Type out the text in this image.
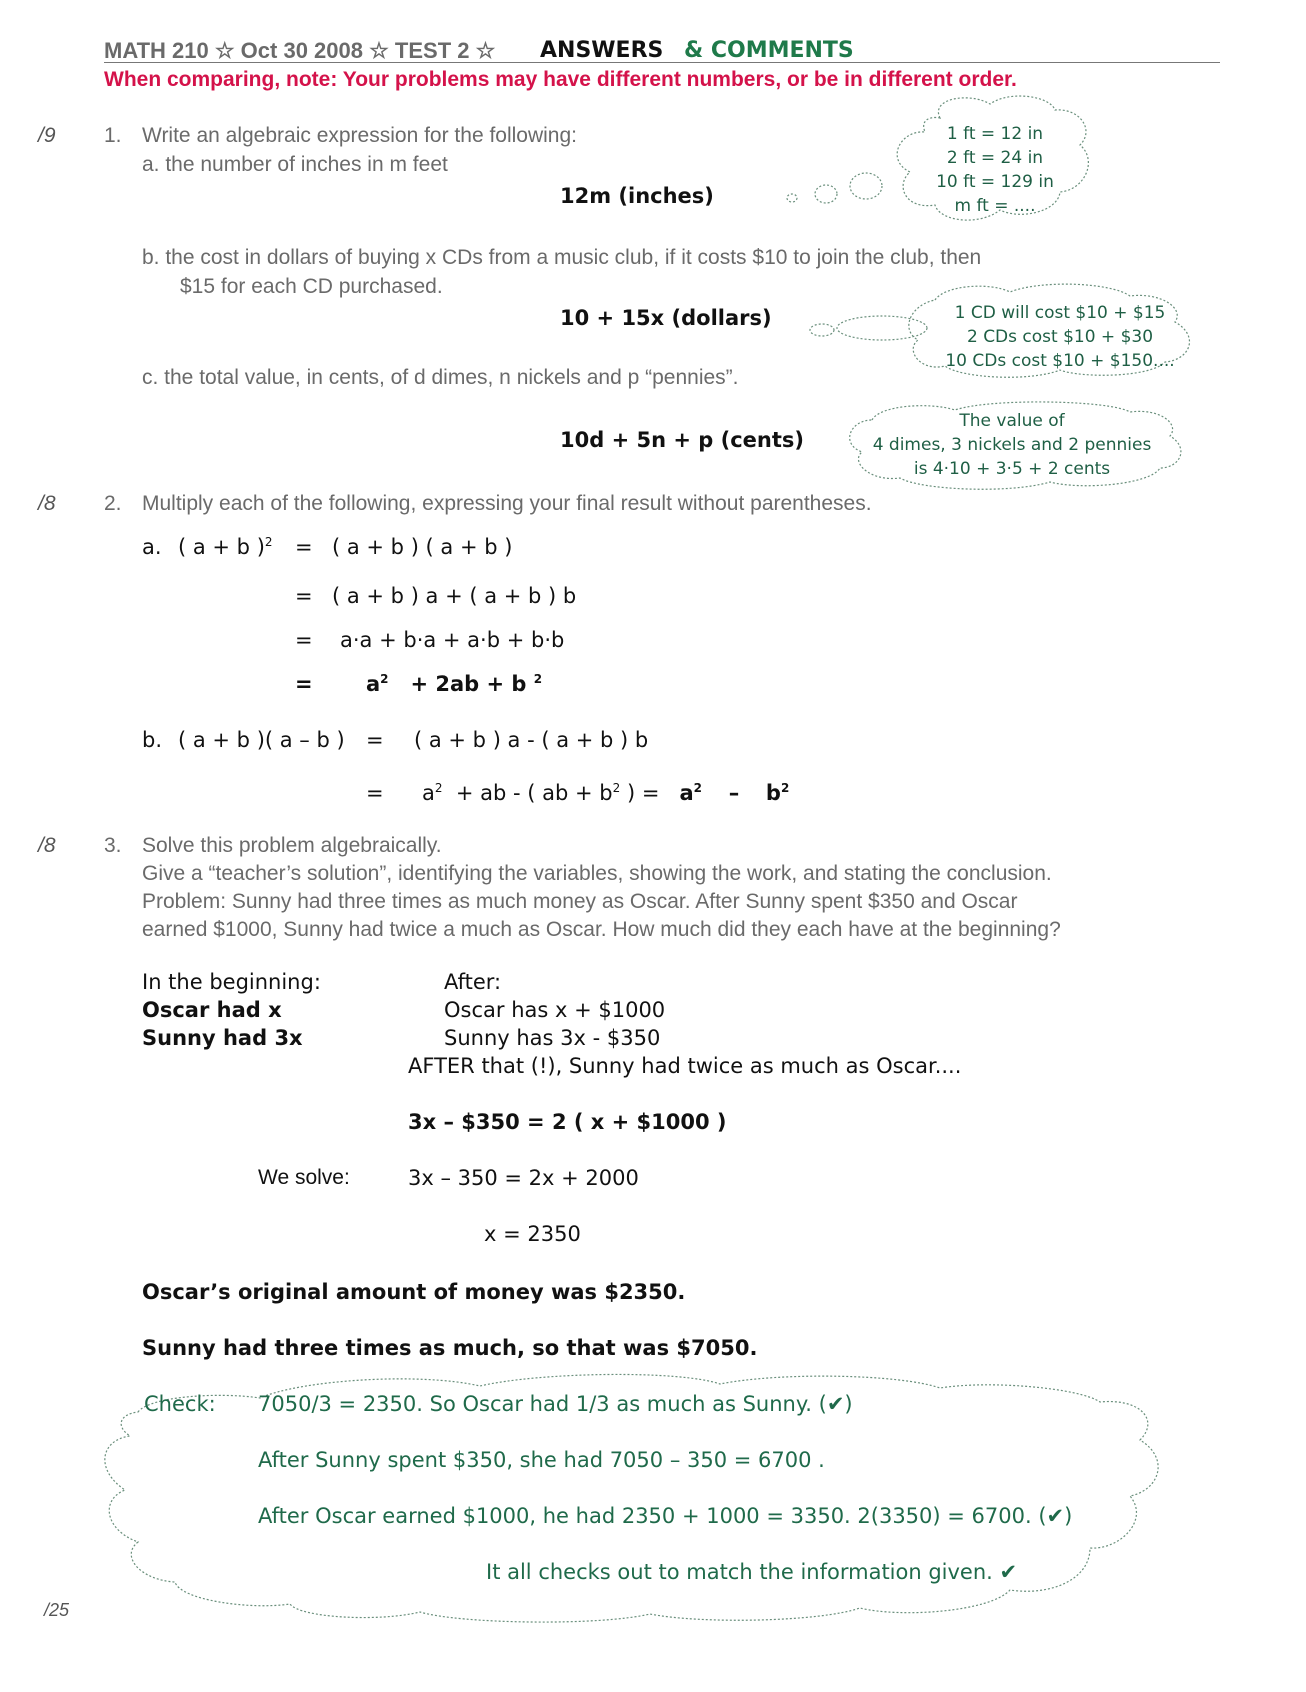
MATH 210 ☆ Oct 30 2008 ☆ TEST 2 ☆ ANSWERS & COMMENTS
When comparing, note: Your problems may have different numbers, or be in different order.
/9 1. Write an algebraic expression for the following:
a. the number of inches in m feet
12m (inches)
1 ft = 12 in
2 ft = 24 in
10 ft = 129 in
m ft = ....
b. the cost in dollars of buying x CDs from a music club, if it costs $10 to join the club, then
$15 for each CD purchased.
10 + 15x (dollars)	1 CD will cost $10 + $15
2 CDs cost $10 + $30
10 CDs cost $10 + $150....
c. the total value, in cents, of d dimes, n nickels and p “pennies”.
10d + 5n + p (cents)
The value of
4 dimes, 3 nickels and 2 pennies
is 4·10 + 3·5 + 2 cents
/8 2. Multiply each of the following, expressing your final result without parentheses.
a. ( a + b )$^2$ = ( a + b ) ( a + b )
= ( a + b ) a + ( a + b ) b
= a·a + b·a + a·b + b·b
=	$a^2 + 2ab + b$ $^2$
b. ( a + b )( a – b ) = ( a + b ) a - ( a + b ) b
= $a^2$ + ab - ( ab + $b^2$ ) = $a^2 - b^2$
/8 3. Solve this problem algebraically.
Give a “teacher’s solution”, identifying the variables, showing the work, and stating the conclusion.
Problem: Sunny had three times as much money as Oscar. After Sunny spent $350 and Oscar
earned $1000, Sunny had twice a much as Oscar. How much did they each have at the beginning?
In the beginning:
Oscar had x
Sunny had 3x
After:
Oscar has x + $1000
Sunny has 3x - $350
AFTER that (!), Sunny had twice as much as Oscar....
3x – $350 = 2 ( x + $1000 )
We solve:	3x – 350 = 2x + 2000
x = 2350
Oscar’s original amount of money was $2350.
Sunny had three times as much, so that was $7050.
Check: 7050/3 = 2350. So Oscar had 1/3 as much as Sunny. (✔)
After Sunny spent $350, she had 7050 – 350 = 6700 .
After Oscar earned $1000, he had 2350 + 1000 = 3350. 2(3350) = 6700. (✔)
It all checks out to match the information given. ✔
/25
